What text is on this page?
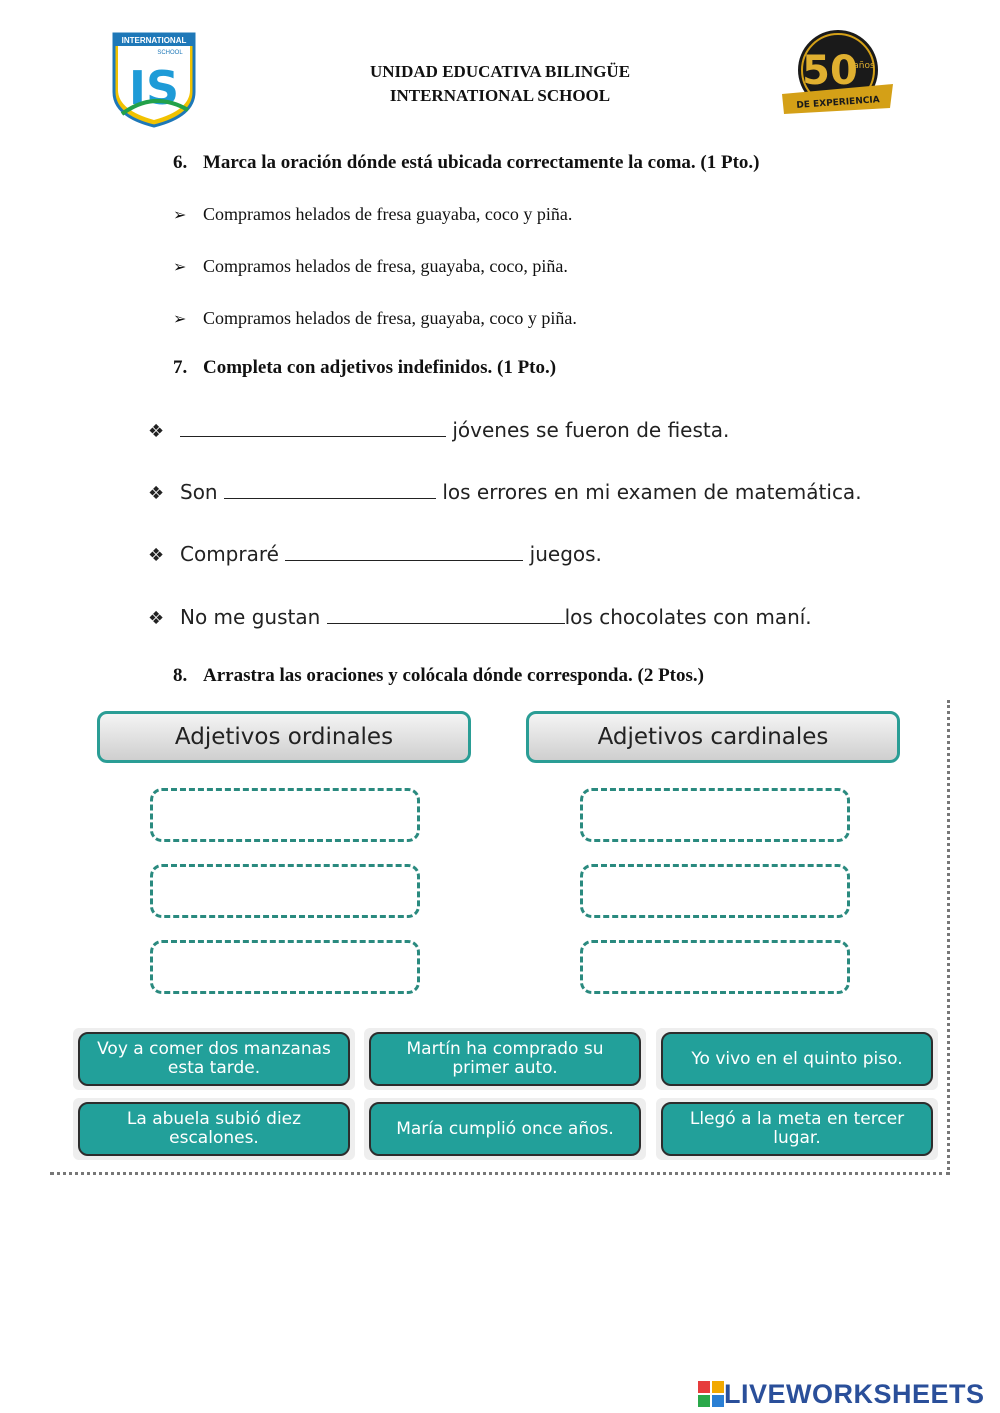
INTERNATIONAL
SCHOOL
IS	UNIDAD EDUCATIVA BILINGÜE
INTERNATIONAL SCHOOL
50
años
DE EXPERIENCIA
6. Marca la oración dónde está ubicada correctamente la coma. (1 Pto.)
➢ Compramos helados de fresa guayaba, coco y piña.
➢ Compramos helados de fresa, guayaba, coco, piña.
➢ Compramos helados de fresa, guayaba, coco y piña.
7. Completa con adjetivos indefinidos. (1 Pto.)
❖	jóvenes se fueron de fiesta.
❖ Son	los errores en mi examen de matemática.
❖ Compraré	juegos.
❖ No me gustan	los chocolates con maní.
8. Arrastra las oraciones y colócala dónde corresponda. (2 Ptos.)
Adjetivos ordinales	Adjetivos cardinales
Voy a comer dos manzanas esta tarde.
Martín ha comprado su primer auto.	Yo vivo en el quinto piso.
La abuela subió diez escalones.	María cumplió once años.	Llegó a la meta en tercer lugar.
LIVEWORKSHEETS
